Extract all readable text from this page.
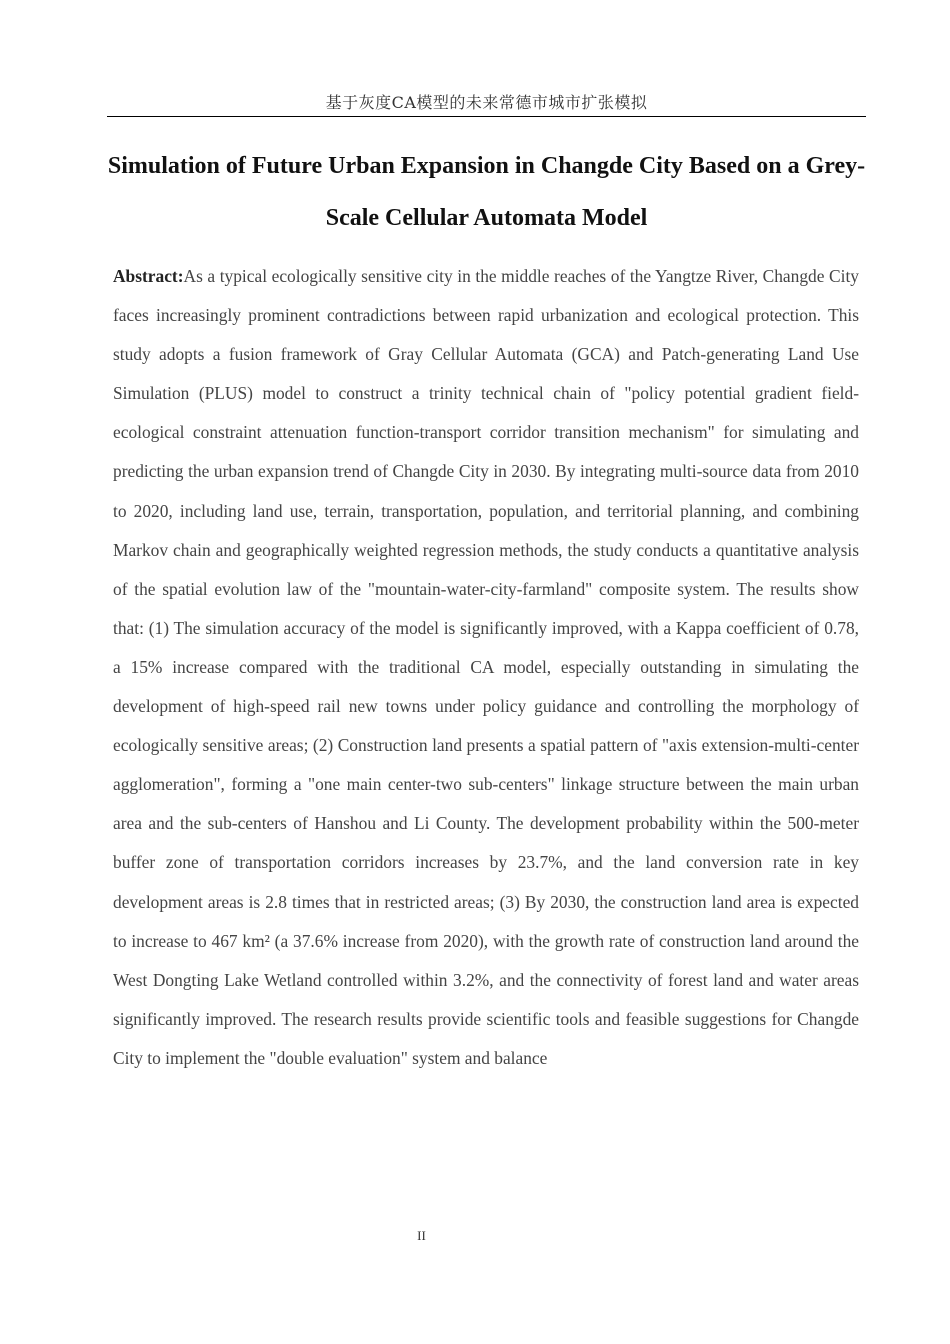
基于灰度CA模型的未来常德市城市扩张模拟
Simulation of Future Urban Expansion in Changde City Based on a Grey-Scale Cellular Automata Model

Abstract:As a typical ecologically sensitive city in the middle reaches of the Yangtze River, Changde City faces increasingly prominent contradictions between rapid urbanization and ecological protection. This study adopts a fusion framework of Gray Cellular Automata (GCA) and Patch-generating Land Use Simulation (PLUS) model to construct a trinity technical chain of "policy potential gradient field-ecological constraint attenuation function-transport corridor transition mechanism" for simulating and predicting the urban expansion trend of Changde City in 2030. By integrating multi-source data from 2010 to 2020, including land use, terrain, transportation, population, and territorial planning, and combining Markov chain and geographically weighted regression methods, the study conducts a quantitative analysis of the spatial evolution law of the "mountain-water-city-farmland" composite system. The results show that: (1) The simulation accuracy of the model is significantly improved, with a Kappa coefficient of 0.78, a 15% increase compared with the traditional CA model, especially outstanding in simulating the development of high-speed rail new towns under policy guidance and controlling the morphology of ecologically sensitive areas; (2) Construction land presents a spatial pattern of "axis extension-multi-center agglomeration", forming a "one main center-two sub-centers" linkage structure between the main urban area and the sub-centers of Hanshou and Li County. The development probability within the 500-meter buffer zone of transportation corridors increases by 23.7%, and the land conversion rate in key development areas is 2.8 times that in restricted areas; (3) By 2030, the construction land area is expected to increase to 467 km² (a 37.6% increase from 2020), with the growth rate of construction land around the West Dongting Lake Wetland controlled within 3.2%, and the connectivity of forest land and water areas significantly improved. The research results provide scientific tools and feasible suggestions for Changde City to implement the "double evaluation" system and balance

II
